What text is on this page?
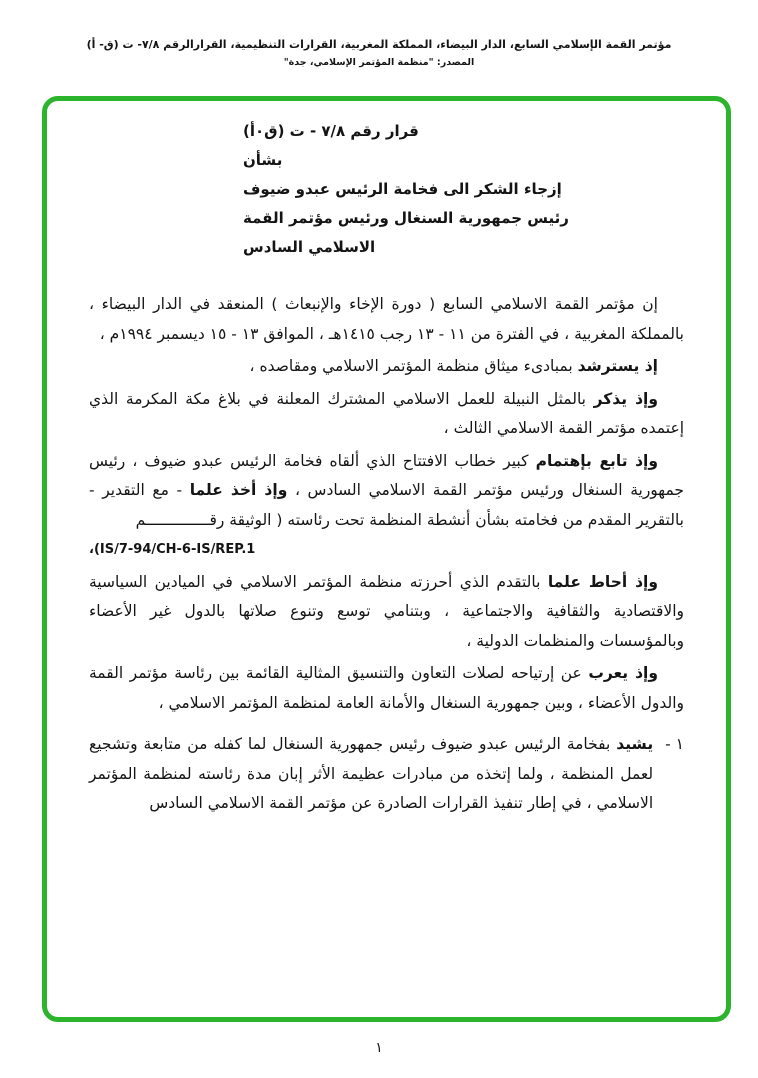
مؤتمر القمة الإسلامي السابع، الدار البيضاء، المملكة المغربية، القرارات التنظيمية، القرارالرقم ٧/٨- ت (ق- أ)
المصدر: "منظمة المؤتمر الإسلامي، جدة"
قرار رقم ٧/٨ - ت (ق٠أ)
بشأن
إزجاء الشكر الى فخامة الرئيس عبدو ضيوف
رئيس جمهورية السنغال ورئيس مؤتمر القمة
الاسلامي السادس

إن مؤتمر القمة الاسلامي السابع ( دورة الإخاء والإنبعاث ) المنعقد في الدار البيضاء ، بالمملكة المغربية ، في الفترة من ١١ - ١٣ رجب ١٤١٥هـ ، الموافق ١٣ - ١٥ ديسمبر ١٩٩٤م ،

إذ يسترشد بمبادىء ميثاق منظمة المؤتمر الاسلامي ومقاصده ،

وإذ يذكر بالمثل النبيلة للعمل الاسلامي المشترك المعلنة في بلاغ مكة المكرمة الذي إعتمده مؤتمر القمة الاسلامي الثالث ،

وإذ تابع بإهتمام كبير خطاب الافتتاح الذي ألقاه فخامة الرئيس عبدو ضيوف ، رئيس جمهورية السنغال ورئيس مؤتمر القمة الاسلامي السادس ، وإذ أخذ علما - مع التقدير - بالتقرير المقدم من فخامته بشأن أنشطة المنظمة تحت رئاسته ( الوثيقة رقــــــــــــــم

،(IS/7-94/CH-6-IS/REP.1

وإذ أحاط علما بالتقدم الذي أحرزته منظمة المؤتمر الاسلامي في الميادين السياسية والاقتصادية والثقافية والاجتماعية ، وبتنامي توسع وتنوع صلاتها بالدول غير الأعضاء وبالمؤسسات والمنظمات الدولية ،

وإذ يعرب عن إرتياحه لصلات التعاون والتنسيق المثالية القائمة بين رئاسة مؤتمر القمة والدول الأعضاء ، وبين جمهورية السنغال والأمانة العامة لمنظمة المؤتمر الاسلامي ،

١ -
يشيد بفخامة الرئيس عبدو ضيوف رئيس جمهورية السنغال لما كفله من متابعة وتشجيع لعمل المنظمة ، ولما إتخذه من مبادرات عظيمة الأثر إبان مدة رئاسته لمنظمة المؤتمر الاسلامي ، في إطار تنفيذ القرارات الصادرة عن مؤتمر القمة الاسلامي السادس
١
